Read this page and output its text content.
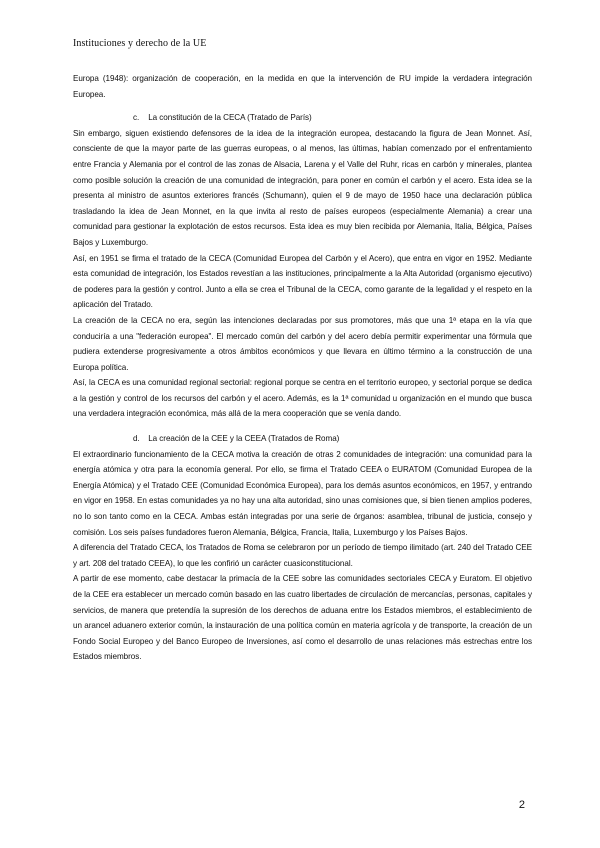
Instituciones y derecho de la UE

Europa (1948): organización de cooperación, en la medida en que la intervención de RU impide la verdadera integración Europea.

c. La constitución de la CECA (Tratado de París)

Sin embargo, siguen existiendo defensores de la idea de la integración europea, destacando la figura de Jean Monnet. Así, consciente de que la mayor parte de las guerras europeas, o al menos, las últimas, habían comenzado por el enfrentamiento entre Francia y Alemania por el control de las zonas de Alsacia, Larena y el Valle del Ruhr, ricas en carbón y minerales, plantea como posible solución la creación de una comunidad de integración, para poner en común el carbón y el acero. Esta idea se la presenta al ministro de asuntos exteriores francés (Schumann), quien el 9 de mayo de 1950 hace una declaración pública trasladando la idea de Jean Monnet, en la que invita al resto de países europeos (especialmente Alemania) a crear una comunidad para gestionar la explotación de estos recursos. Esta idea es muy bien recibida por Alemania, Italia, Bélgica, Países Bajos y Luxemburgo.

Así, en 1951 se firma el tratado de la CECA (Comunidad Europea del Carbón y el Acero), que entra en vigor en 1952. Mediante esta comunidad de integración, los Estados revestían a las instituciones, principalmente a la Alta Autoridad (organismo ejecutivo) de poderes para la gestión y control. Junto a ella se crea el Tribunal de la CECA, como garante de la legalidad y el respeto en la aplicación del Tratado.

La creación de la CECA no era, según las intenciones declaradas por sus promotores, más que una 1ª etapa en la vía que conduciría a una "federación europea". El mercado común del carbón y del acero debía permitir experimentar una fórmula que pudiera extenderse progresivamente a otros ámbitos económicos y que llevara en último término a la construcción de una Europa política.

Así, la CECA es una comunidad regional sectorial: regional porque se centra en el territorio europeo, y sectorial porque se dedica a la gestión y control de los recursos del carbón y el acero. Además, es la 1ª comunidad u organización en el mundo que busca una verdadera integración económica, más allá de la mera cooperación que se venía dando.

d. La creación de la CEE y la CEEA (Tratados de Roma)

El extraordinario funcionamiento de la CECA motiva la creación de otras 2 comunidades de integración: una comunidad para la energía atómica y otra para la economía general. Por ello, se firma el Tratado CEEA o EURATOM (Comunidad Europea de la Energía Atómica) y el Tratado CEE (Comunidad Económica Europea), para los demás asuntos económicos, en 1957, y entrando en vigor en 1958. En estas comunidades ya no hay una alta autoridad, sino unas comisiones que, si bien tienen amplios poderes, no lo son tanto como en la CECA. Ambas están integradas por una serie de órganos: asamblea, tribunal de justicia, consejo y comisión. Los seis países fundadores fueron Alemania, Bélgica, Francia, Italia, Luxemburgo y los Países Bajos.

A diferencia del Tratado CECA, los Tratados de Roma se celebraron por un período de tiempo ilimitado (art. 240 del Tratado CEE y art. 208 del tratado CEEA), lo que les confirió un carácter cuasiconstitucional.

A partir de ese momento, cabe destacar la primacía de la CEE sobre las comunidades sectoriales CECA y Euratom. El objetivo de la CEE era establecer un mercado común basado en las cuatro libertades de circulación de mercancías, personas, capitales y servicios, de manera que pretendía la supresión de los derechos de aduana entre los Estados miembros, el establecimiento de un arancel aduanero exterior común, la instauración de una política común en materia agrícola y de transporte, la creación de un Fondo Social Europeo y del Banco Europeo de Inversiones, así como el desarrollo de unas relaciones más estrechas entre los Estados miembros.

2
